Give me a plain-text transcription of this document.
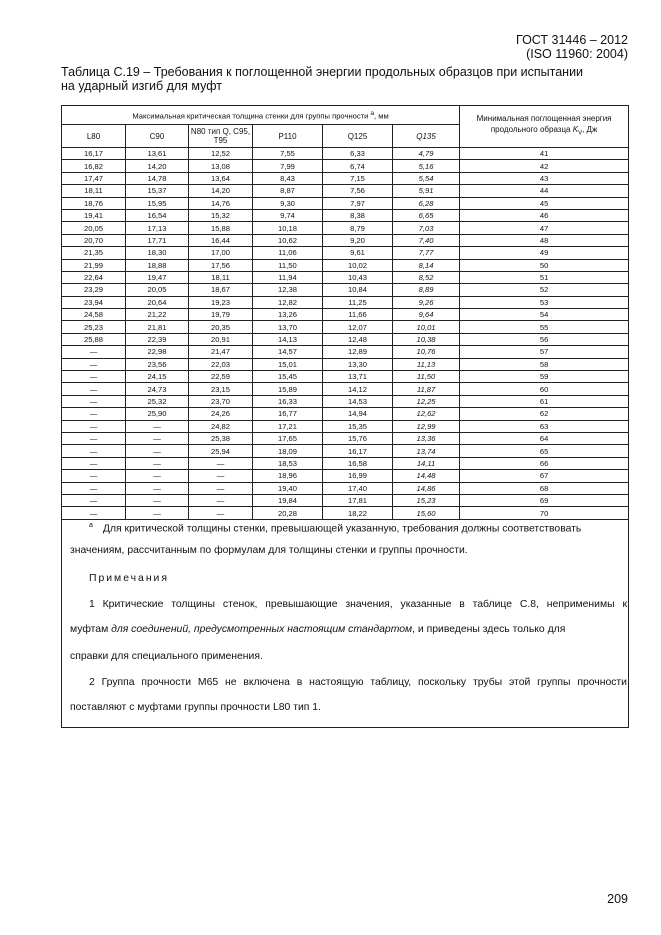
ГОСТ 31446 – 2012
(ISO 11960: 2004)
Таблица С.19 – Требования к поглощенной энергии продольных образцов при испытании
на ударный изгиб для муфт
Максимальная критическая толщина стенки для группы прочности $^а$, мм						Минимальная поглощенная энергия продольного образца $K_V$, Дж
L80	C90	N80 тип Q, C95, T95	P110	Q125	Q135	
16,17	13,61	12,52	7,55	6,33	4,79	41
16,82	14,20	13,08	7,99	6,74	5,16	42
17,47	14,78	13,64	8,43	7,15	5,54	43
18,11	15,37	14,20	8,87	7,56	5,91	44
18,76	15,95	14,76	9,30	7,97	6,28	45
19,41	16,54	15,32	9,74	8,38	6,65	46
20,05	17,13	15,88	10,18	8,79	7,03	47
20,70	17,71	16,44	10,62	9,20	7,40	48
21,35	18,30	17,00	11,06	9,61	7,77	49
21,99	18,88	17,56	11,50	10,02	8,14	50
22,64	19,47	18,11	11,94	10,43	8,52	51
23,29	20,05	18,67	12,38	10,84	8,89	52
23,94	20,64	19,23	12,82	11,25	9,26	53
24,58	21,22	19,79	13,26	11,66	9,64	54
25,23	21,81	20,35	13,70	12,07	10,01	55
25,88	22,39	20,91	14,13	12,48	10,38	56
—	22,98	21,47	14,57	12,89	10,76	57
—	23,56	22,03	15,01	13,30	11,13	58
—	24,15	22,59	15,45	13,71	11,50	59
—	24,73	23,15	15,89	14,12	11,87	60
—	25,32	23,70	16,33	14,53	12,25	61
—	25,90	24,26	16,77	14,94	12,62	62
—	—	24,82	17,21	15,35	12,99	63
—	—	25,38	17,65	15,76	13,36	64
—	—	25,94	18,09	16,17	13,74	65
—	—	—	18,53	16,58	14,11	66
—	—	—	18,96	16,99	14,48	67
—	—	—	19,40	17,40	14,86	68
—	—	—	19,84	17,81	15,23	69
—	—	—	20,28	18,22	15,60	70

$^а$ Для критической толщины стенки, превышающей указанную, требования должны соответствовать
значениям, рассчитанным по формулам для толщины стенки и группы прочности.
Примечания
1 Критические толщины стенок, превышающие значения, указанные в таблице С.8, неприменимы к
муфтам для соединений, предусмотренных настоящим стандартом, и приведены здесь только для
справки для специального применения.
2 Группа прочности М65 не включена в настоящую таблицу, поскольку трубы этой группы прочности
поставляют с муфтами группы прочности L80 тип 1.
209
